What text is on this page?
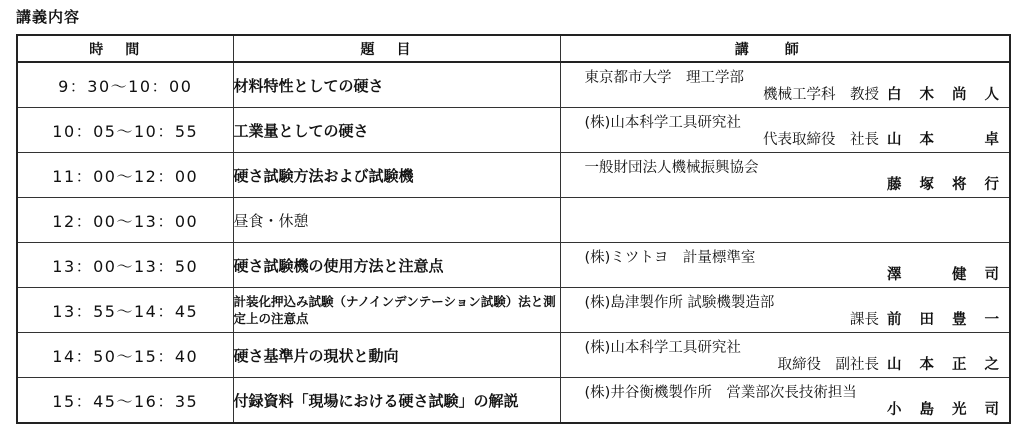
講義内容
時間	題目	講師
9：30〜10：00	材料特性としての硬さ	東京都市大学　理工学部
機械工学科　教授 白木尚人

10：05〜10：55	工業量としての硬さ	(株)山本科学工具研究社
代表取締役　社長 山本　卓

11：00〜12：00	硬さ試験方法および試験機	一般財団法人機械振興協会
藤塚将行

12：00〜13：00	昼食・休憩	
13：00〜13：50	硬さ試験機の使用方法と注意点	(株)ミツトヨ　計量標準室
澤　健司

13：55〜14：45	計装化押込み試験（ナノインデンテーション試験）法と測定上の注意点	(株)島津製作所 試験機製造部
課長 前田豊一

14：50〜15：40	硬さ基準片の現状と動向	(株)山本科学工具研究社
取締役　副社長 山本正之

15：45〜16：35	付録資料「現場における硬さ試験」の解説	(株)井谷衡機製作所　営業部次長技術担当
小島光司
